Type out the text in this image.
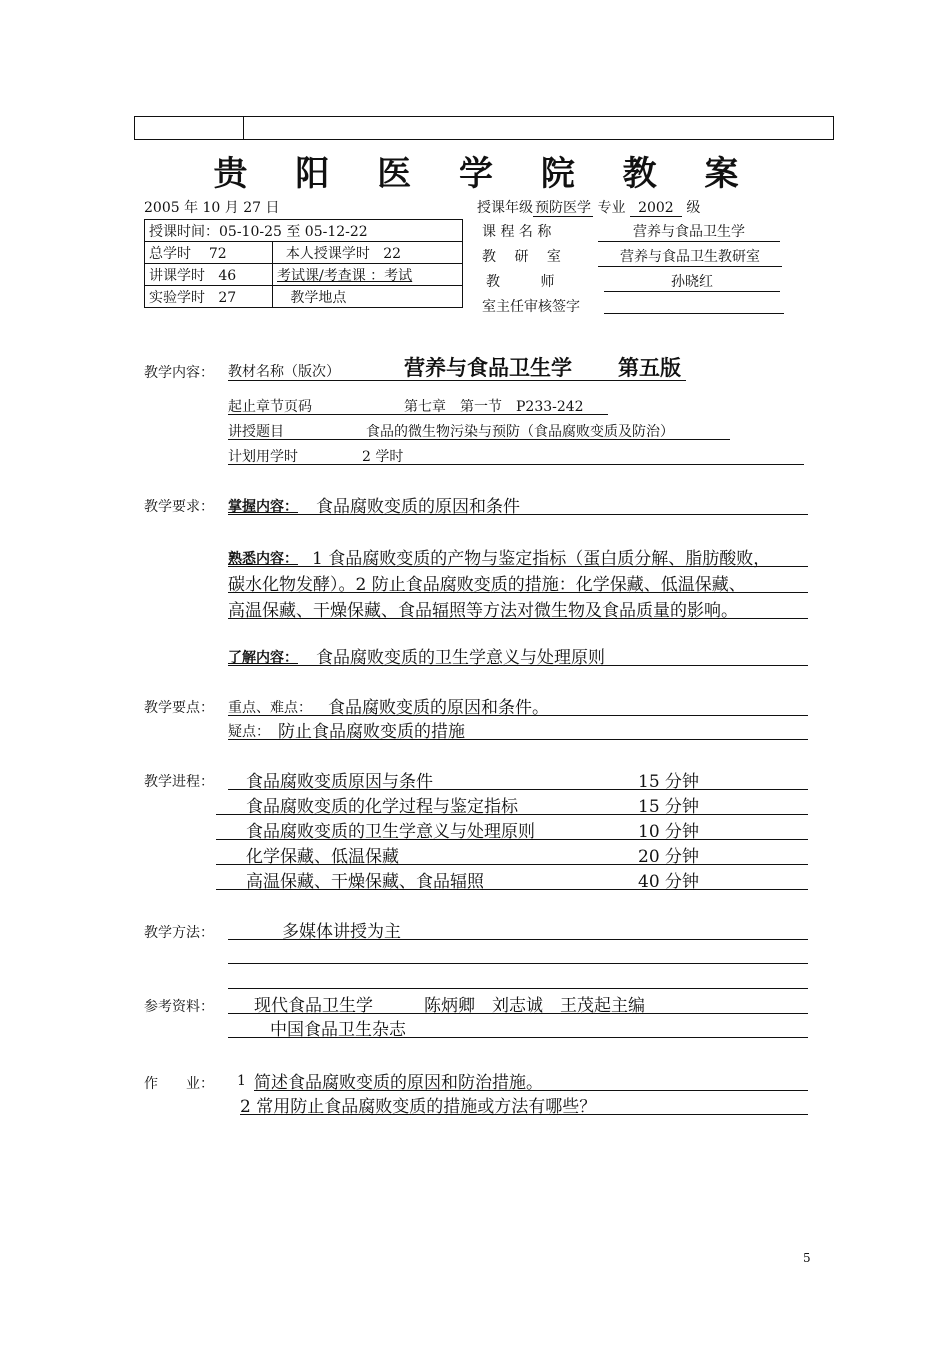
贵 阳 医 学 院 教 案
2005 年 10 月 27 日
授课时间：05-10-25 至 05-12-22	
总学时 72	本人授课学时 22
讲课学时 46	考试课/考查课 ：考试
实验学时 27	教学地点
授课年级 预防医学 专业 2002 级
课 程 名 称	营养与食品卫生学
教 研 室	营养与食品卫生教研室
教 师	孙晓红
室主任审核签字
教学内容： 教材名称（版次）	营养与食品卫生学 第五版
起止章节页码	第七章　第一节　P233-242
讲授题目	食品的微生物污染与预防（食品腐败变质及防治）
计划用学时	2 学时
教学要求： 掌握内容： 食品腐败变质的原因和条件
熟悉内容： 1 食品腐败变质的产物与鉴定指标（蛋白质分解、脂肪酸败，
碳水化物发酵）。2 防止食品腐败变质的措施：化学保藏、低温保藏、
高温保藏、干燥保藏、食品辐照等方法对微生物及食品质量的影响。
了解内容： 食品腐败变质的卫生学意义与处理原则
教学要点： 重点、难点： 食品腐败变质的原因和条件。
疑点： 防止食品腐败变质的措施
教学进程： 食品腐败变质原因与条件	15 分钟
食品腐败变质的化学过程与鉴定指标	15 分钟
食品腐败变质的卫生学意义与处理原则	10 分钟
化学保藏、低温保藏	20 分钟
高温保藏、干燥保藏、食品辐照	40 分钟
教学方法：	多媒体讲授为主
参考资料： 现代食品卫生学　　　陈炳卿　刘志诚　王茂起主编
中国食品卫生杂志
作　　业： 1 简述食品腐败变质的原因和防治措施。
2 常用防止食品腐败变质的措施或方法有哪些？
5
